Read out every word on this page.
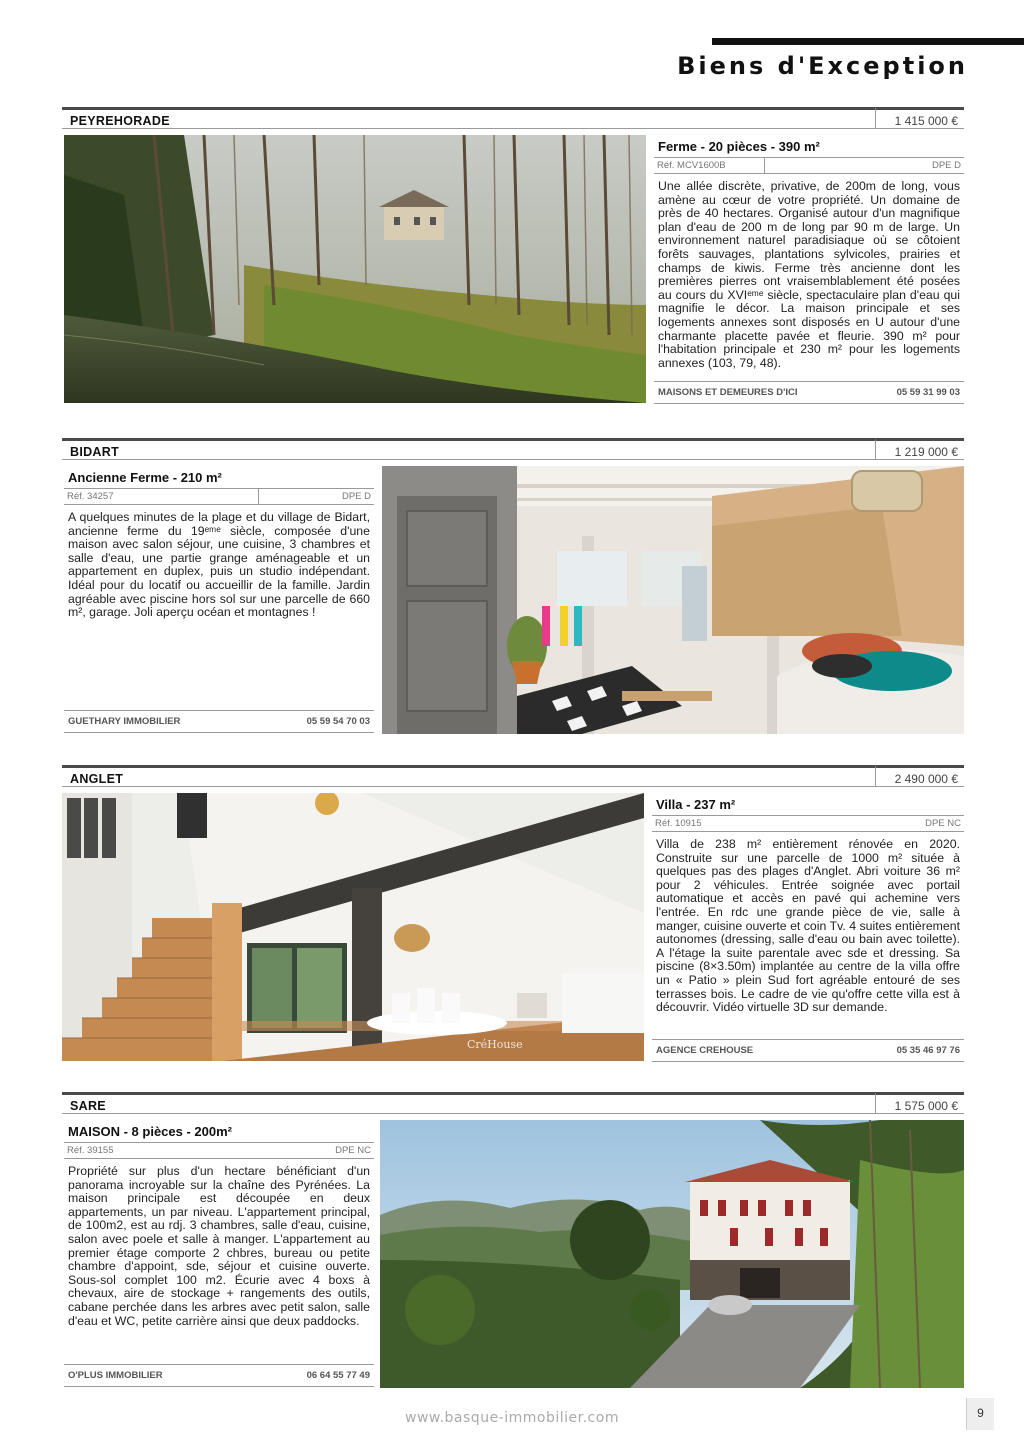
Biens d'Exception
PEYREHORADE	1 415 000 €
Ferme - 20 pièces - 390 m²
Réf. MCV1600B	DPE D
Une allée discrète, privative, de 200m de long, vous amène au cœur de votre propriété. Un domaine de près de 40 hectares. Organisé autour d'un magnifique plan d'eau de 200 m de long par 90 m de large. Un environnement naturel paradisiaque où se côtoient forêts sauvages, plantations sylvicoles, prairies et champs de kiwis. Ferme très ancienne dont les premières pierres ont vraisemblablement été posées au cours du XVIᵉᵐᵉ siècle, spectaculaire plan d'eau qui magnifie le décor. La maison principale et ses logements annexes sont disposés en U autour d'une charmante placette pavée et fleurie. 390 m² pour l'habitation principale et 230 m² pour les logements annexes (103, 79, 48).
MAISONS ET DEMEURES D'ICI	05 59 31 99 03
BIDART	1 219 000 €
Ancienne Ferme - 210 m²
Réf. 34257	DPE D
A quelques minutes de la plage et du village de Bidart, ancienne ferme du 19ᵉᵐᵉ siècle, composée d'une maison avec salon séjour, une cuisine, 3 chambres et salle d'eau, une partie grange aménageable et un appartement en duplex, puis un studio indépendant. Idéal pour du locatif ou accueillir de la famille. Jardin agréable avec piscine hors sol sur une parcelle de 660 m², garage. Joli aperçu océan et montagnes !
GUETHARY IMMOBILIER	05 59 54 70 03
ANGLET	2 490 000 €
CréHouse
Villa - 237 m²
Réf. 10915	DPE NC
Villa de 238 m² entièrement rénovée en 2020. Construite sur une parcelle de 1000 m² située à quelques pas des plages d'Anglet. Abri voiture 36 m² pour 2 véhicules. Entrée soignée avec portail automatique et accès en pavé qui achemine vers l'entrée. En rdc une grande pièce de vie, salle à manger, cuisine ouverte et coin Tv. 4 suites entièrement autonomes (dressing, salle d'eau ou bain avec toilette). A l'étage la suite parentale avec sde et dressing. Sa piscine (8×3.50m) implantée au centre de la villa offre un « Patio » plein Sud fort agréable entouré de ses terrasses bois. Le cadre de vie qu'offre cette villa est à découvrir. Vidéo virtuelle 3D sur demande.
AGENCE CREHOUSE	05 35 46 97 76
SARE	1 575 000 €
MAISON - 8 pièces - 200m²
Réf. 39155	DPE NC
Propriété sur plus d'un hectare bénéficiant d'un panorama incroyable sur la chaîne des Pyrénées. La maison principale est découpée en deux appartements, un par niveau. L'appartement principal, de 100m2, est au rdj. 3 chambres, salle d'eau, cuisine, salon avec poele et salle à manger. L'appartement au premier étage comporte 2 chbres, bureau ou petite chambre d'appoint, sde, séjour et cuisine ouverte. Sous-sol complet 100 m2. Écurie avec 4 boxs à chevaux, aire de stockage + rangements des outils, cabane perchée dans les arbres avec petit salon, salle d'eau et WC, petite carrière ainsi que deux paddocks.
O'PLUS IMMOBILIER	06 64 55 77 49
www.basque-immobilier.com	9
